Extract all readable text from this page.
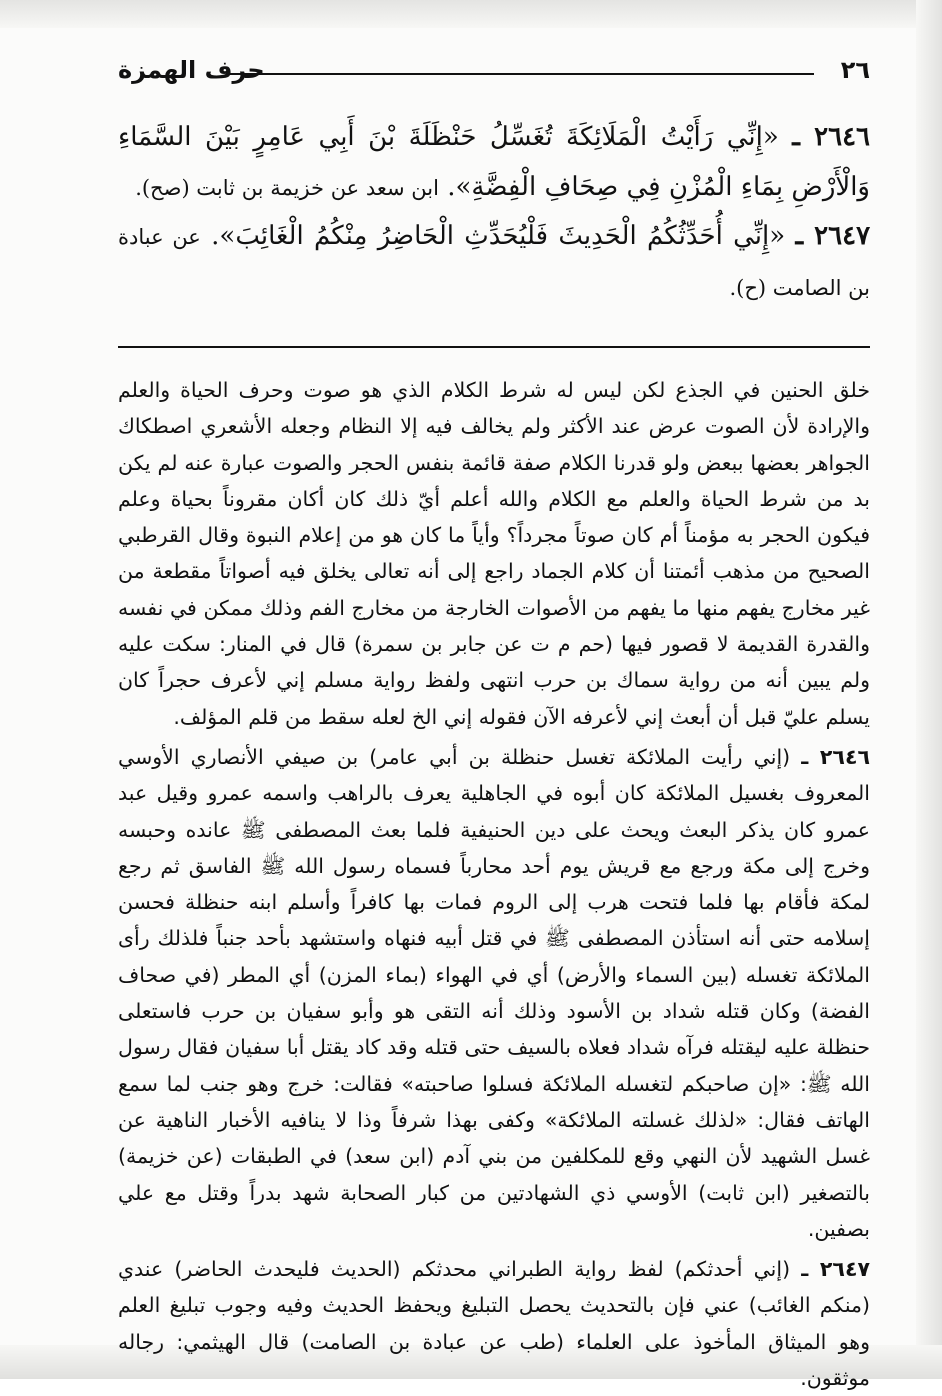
٢٦
حرف الهمزة
٢٦٤٦ ـ «إِنِّي رَأَيْتُ الْمَلَائِكَةَ تُغَسِّلُ حَنْظَلَةَ بْنَ أَبِي عَامِرٍ بَيْنَ السَّمَاءِ وَالْأَرْضِ بِمَاءِ الْمُزْنِ فِي صِحَافِ الْفِضَّةِ». ابن سعد عن خزيمة بن ثابت (صح).
٢٦٤٧ ـ «إِنِّي أُحَدِّثُكُمُ الْحَدِيثَ فَلْيُحَدِّثِ الْحَاضِرُ مِنْكُمُ الْغَائِبَ». عن عبادة بن الصامت (ح).

خلق الحنين في الجذع لكن ليس له شرط الكلام الذي هو صوت وحرف الحياة والعلم والإرادة لأن الصوت عرض عند الأكثر ولم يخالف فيه إلا النظام وجعله الأشعري اصطكاك الجواهر بعضها ببعض ولو قدرنا الكلام صفة قائمة بنفس الحجر والصوت عبارة عنه لم يكن بد من شرط الحياة والعلم مع الكلام والله أعلم أيّ ذلك كان أكان مقروناً بحياة وعلم فيكون الحجر به مؤمناً أم كان صوتاً مجرداً؟ وأياً ما كان هو من إعلام النبوة وقال القرطبي الصحيح من مذهب أئمتنا أن كلام الجماد راجع إلى أنه تعالى يخلق فيه أصواتاً مقطعة من غير مخارج يفهم منها ما يفهم من الأصوات الخارجة من مخارج الفم وذلك ممكن في نفسه والقدرة القديمة لا قصور فيها (حم م ت عن جابر بن سمرة) قال في المنار: سكت عليه ولم يبين أنه من رواية سماك بن حرب انتهى ولفظ رواية مسلم إني لأعرف حجراً كان يسلم عليّ قبل أن أبعث إني لأعرفه الآن فقوله إني الخ لعله سقط من قلم المؤلف.

٢٦٤٦ ـ (إني رأيت الملائكة تغسل حنظلة بن أبي عامر) بن صيفي الأنصاري الأوسي المعروف بغسيل الملائكة كان أبوه في الجاهلية يعرف بالراهب واسمه عمرو وقيل عبد عمرو كان يذكر البعث ويحث على دين الحنيفية فلما بعث المصطفى ﷺ عانده وحبسه وخرج إلى مكة ورجع مع قريش يوم أحد محارباً فسماه رسول الله ﷺ الفاسق ثم رجع لمكة فأقام بها فلما فتحت هرب إلى الروم فمات بها كافراً وأسلم ابنه حنظلة فحسن إسلامه حتى أنه استأذن المصطفى ﷺ في قتل أبيه فنهاه واستشهد بأحد جنباً فلذلك رأى الملائكة تغسله (بين السماء والأرض) أي في الهواء (بماء المزن) أي المطر (في صحاف الفضة) وكان قتله شداد بن الأسود وذلك أنه التقى هو وأبو سفيان بن حرب فاستعلى حنظلة عليه ليقتله فرآه شداد فعلاه بالسيف حتى قتله وقد كاد يقتل أبا سفيان فقال رسول الله ﷺ: «إن صاحبكم لتغسله الملائكة فسلوا صاحبته» فقالت: خرج وهو جنب لما سمع الهاتف فقال: «لذلك غسلته الملائكة» وكفى بهذا شرفاً وذا لا ينافيه الأخبار الناهية عن غسل الشهيد لأن النهي وقع للمكلفين من بني آدم (ابن سعد) في الطبقات (عن خزيمة) بالتصغير (ابن ثابت) الأوسي ذي الشهادتين من كبار الصحابة شهد بدراً وقتل مع علي بصفين.

٢٦٤٧ ـ (إني أحدثكم) لفظ رواية الطبراني محدثكم (الحديث فليحدث الحاضر) عندي (منكم الغائب) عني فإن بالتحديث يحصل التبليغ ويحفظ الحديث وفيه وجوب تبليغ العلم وهو الميثاق المأخوذ على العلماء (طب عن عبادة بن الصامت) قال الهيثمي: رجاله موثقون.
